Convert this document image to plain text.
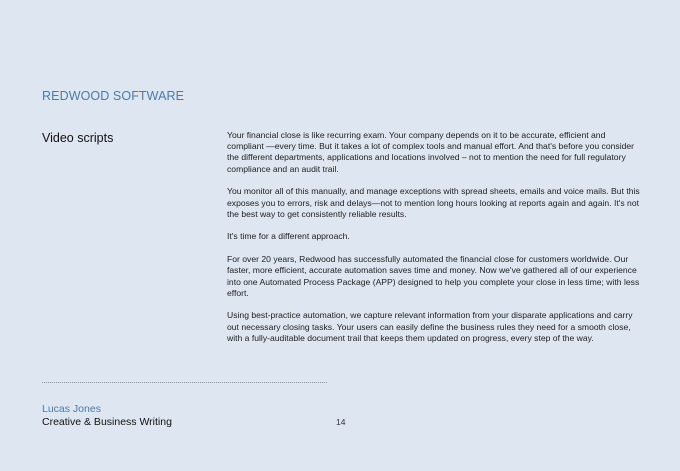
REDWOOD SOFTWARE
Video scripts	Your financial close is like recurring exam. Your company depends on it to be accurate, efficient and compliant —every time. But it takes a lot of complex tools and manual effort. And that's before you consider the different departments, applications and locations involved – not to mention the need for full regulatory compliance and an audit trail.

You monitor all of this manually, and manage exceptions with spread sheets, emails and voice mails. But this exposes you to errors, risk and delays—not to mention long hours looking at reports again and again. It's not the best way to get consistently reliable results.

It's time for a different approach.

For over 20 years, Redwood has successfully automated the financial close for customers worldwide. Our faster, more efficient, accurate automation saves time and money. Now we've gathered all of our experience into one Automated Process Package (APP) designed to help you complete your close in less time; with less effort.

Using best-practice automation, we capture relevant information from your disparate applications and carry out necessary closing tasks. Your users can easily define the business rules they need for a smooth close, with a fully-auditable document trail that keeps them updated on progress, every step of the way.

Lucas Jones
Creative & Business Writing	14
